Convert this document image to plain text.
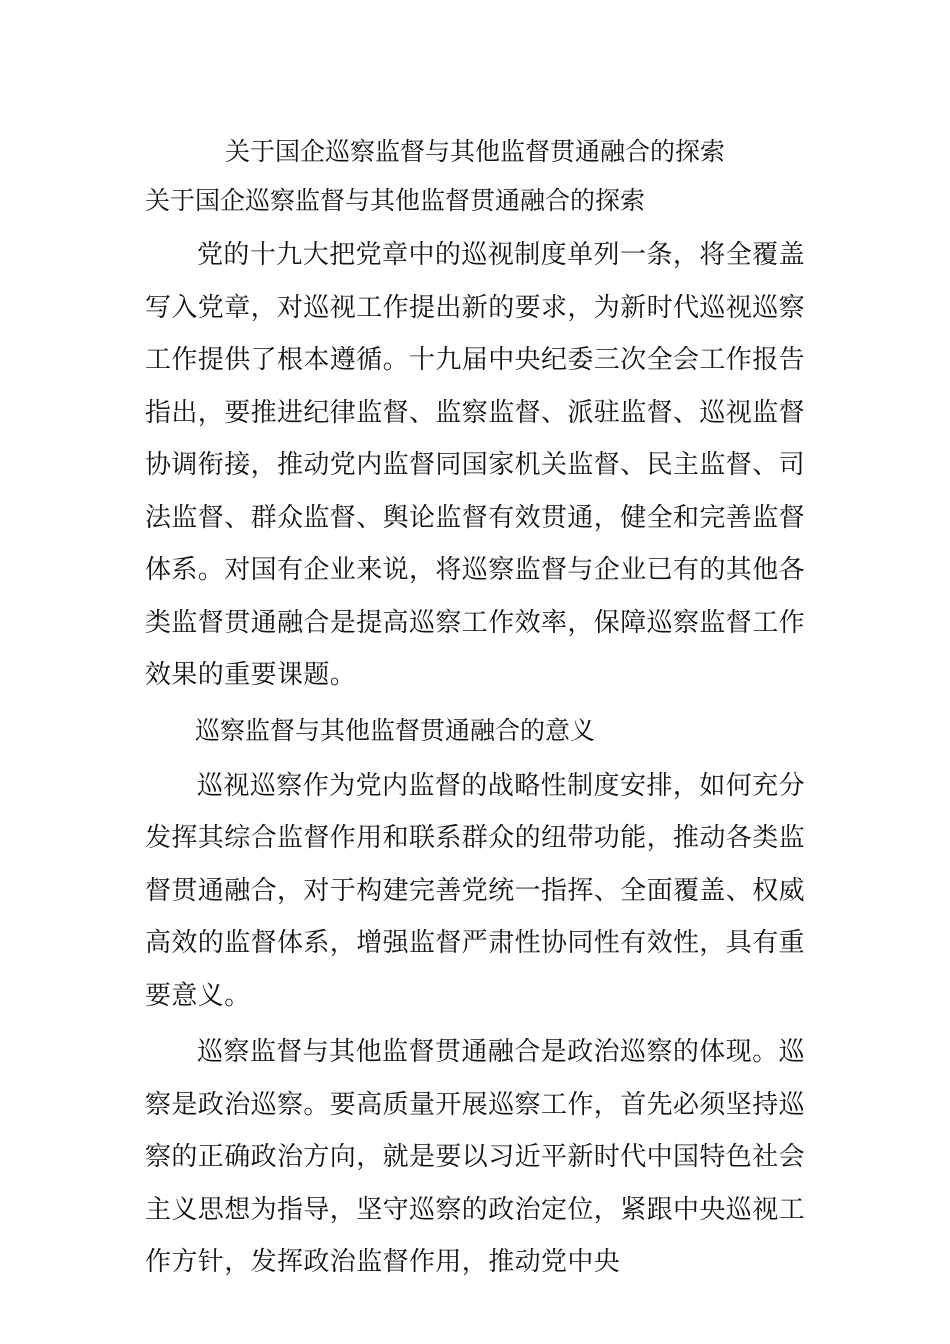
关于国企巡察监督与其他监督贯通融合的探索
关于国企巡察监督与其他监督贯通融合的探索

党的十九大把党章中的巡视制度单列一条，将全覆盖写入党章，对巡视工作提出新的要求，为新时代巡视巡察工作提供了根本遵循。十九届中央纪委三次全会工作报告指出，要推进纪律监督、监察监督、派驻监督、巡视监督协调衔接，推动党内监督同国家机关监督、民主监督、司法监督、群众监督、舆论监督有效贯通，健全和完善监督体系。对国有企业来说，将巡察监督与企业已有的其他各类监督贯通融合是提高巡察工作效率，保障巡察监督工作效果的重要课题。

巡察监督与其他监督贯通融合的意义

巡视巡察作为党内监督的战略性制度安排，如何充分发挥其综合监督作用和联系群众的纽带功能，推动各类监督贯通融合，对于构建完善党统一指挥、全面覆盖、权威高效的监督体系，增强监督严肃性协同性有效性，具有重要意义。

巡察监督与其他监督贯通融合是政治巡察的体现。巡察是政治巡察。要高质量开展巡察工作，首先必须坚持巡察的正确政治方向，就是要以习近平新时代中国特色社会主义思想为指导，坚守巡察的政治定位，紧跟中央巡视工作方针，发挥政治监督作用，推动党中央
